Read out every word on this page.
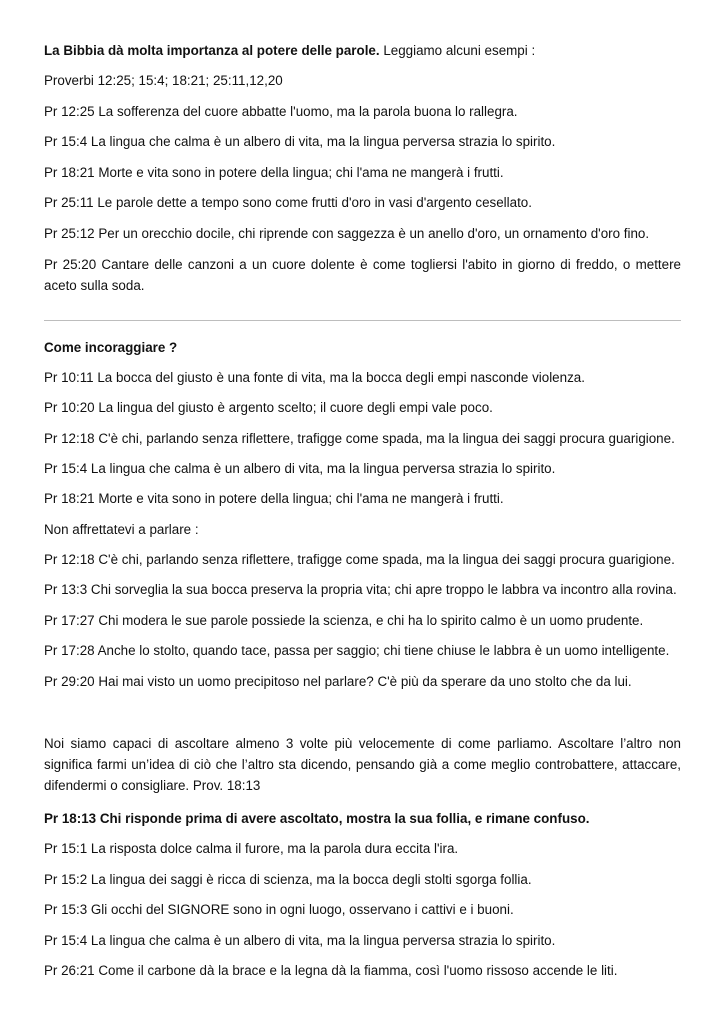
La Bibbia dà molta importanza al potere delle parole. Leggiamo alcuni esempi :
Proverbi 12:25; 15:4; 18:21; 25:11,12,20
Pr 12:25 La sofferenza del cuore abbatte l'uomo, ma la parola buona lo rallegra.
Pr 15:4 La lingua che calma è un albero di vita, ma la lingua perversa strazia lo spirito.
Pr 18:21 Morte e vita sono in potere della lingua; chi l'ama ne mangerà i frutti.
Pr 25:11 Le parole dette a tempo sono come frutti d'oro in vasi d'argento cesellato.
Pr 25:12 Per un orecchio docile, chi riprende con saggezza è un anello d'oro, un ornamento d'oro fino.
Pr 25:20 Cantare delle canzoni a un cuore dolente è come togliersi l'abito in giorno di freddo, o mettere aceto sulla soda.
Come incoraggiare ?
Pr 10:11 La bocca del giusto è una fonte di vita, ma la bocca degli empi nasconde violenza.
Pr 10:20 La lingua del giusto è argento scelto; il cuore degli empi vale poco.
Pr 12:18 C'è chi, parlando senza riflettere, trafigge come spada, ma la lingua dei saggi procura guarigione.
Pr 15:4 La lingua che calma è un albero di vita, ma la lingua perversa strazia lo spirito.
Pr 18:21 Morte e vita sono in potere della lingua; chi l'ama ne mangerà i frutti.
Non affrettatevi a parlare :
Pr 12:18 C'è chi, parlando senza riflettere, trafigge come spada, ma la lingua dei saggi procura guarigione.
Pr 13:3 Chi sorveglia la sua bocca preserva la propria vita; chi apre troppo le labbra va incontro alla rovina.
Pr 17:27 Chi modera le sue parole possiede la scienza, e chi ha lo spirito calmo è un uomo prudente.
Pr 17:28 Anche lo stolto, quando tace, passa per saggio; chi tiene chiuse le labbra è un uomo intelligente.
Pr 29:20 Hai mai visto un uomo precipitoso nel parlare? C'è più da sperare da uno stolto che da lui.
Noi siamo capaci di ascoltare almeno 3 volte più velocemente di come parliamo. Ascoltare l’altro non significa farmi un’idea di ciò che l’altro sta dicendo, pensando già a come meglio controbattere, attaccare, difendermi o consigliare. Prov. 18:13
Pr 18:13 Chi risponde prima di avere ascoltato, mostra la sua follia, e rimane confuso.
Pr 15:1 La risposta dolce calma il furore, ma la parola dura eccita l'ira.
Pr 15:2 La lingua dei saggi è ricca di scienza, ma la bocca degli stolti sgorga follia.
Pr 15:3 Gli occhi del SIGNORE sono in ogni luogo, osservano i cattivi e i buoni.
Pr 15:4 La lingua che calma è un albero di vita, ma la lingua perversa strazia lo spirito.
Pr 26:21 Come il carbone dà la brace e la legna dà la fiamma, così l'uomo rissoso accende le liti.
